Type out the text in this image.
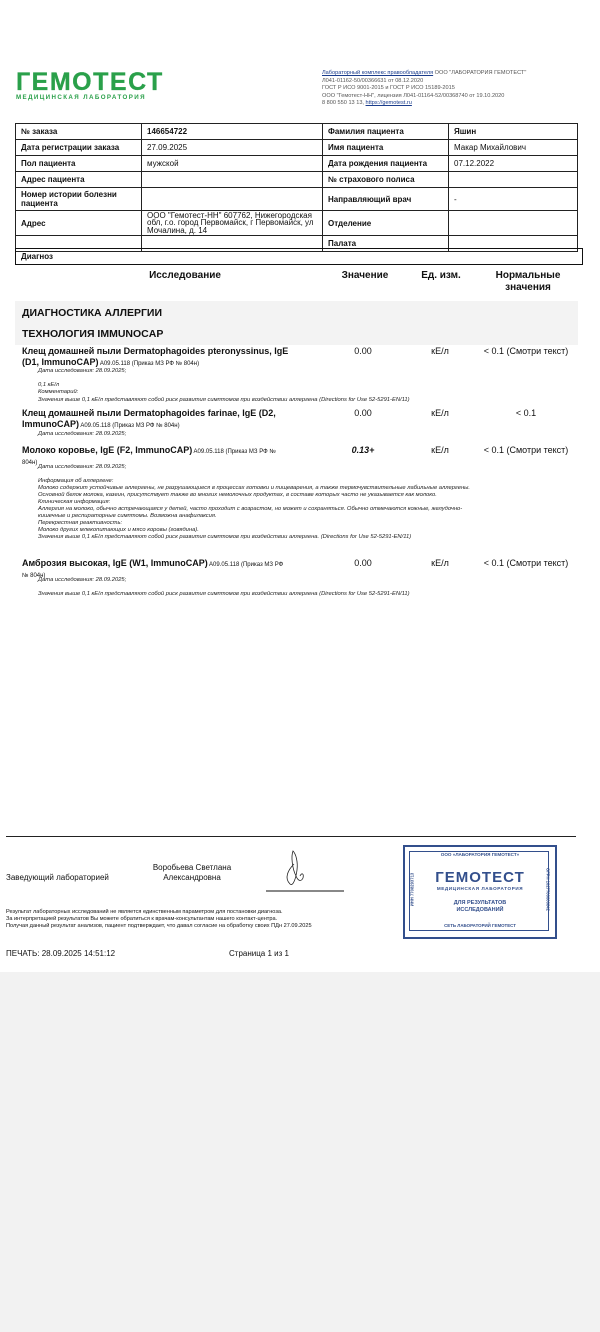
ГЕМОТЕСТ
МЕДИЦИНСКАЯ ЛАБОРАТОРИЯ
Лабораторный комплекс правообладателя ООО "ЛАБОРАТОРИЯ ГЕМОТЕСТ"
Л041-01162-50/00366631 от 08.12.2020
ГОСТ Р ИСО 9001-2015 и ГОСТ Р ИСО 15189-2015
ООО "Гемотест-НН", лицензия Л041-01164-52/00368740 от 19.10.2020
8 800 550 13 13, https://gemotest.ru
№ заказа	146654722	Фамилия пациента	Яшин
Дата регистрации заказа	27.09.2025	Имя пациента	Макар Михайлович
Пол пациента	мужской	Дата рождения пациента	07.12.2022
Адрес пациента		№ страхового полиса	
Номер истории болезни пациента		Направляющий врач	-
Адрес	ООО "Гемотест-НН" 607762, Нижегородская обл, г.о. город Первомайск, г Первомайск, ул Мочалина, д. 14	Отделение	
		Палата	
Диагноз
Исследование	Значение	Ед. изм.	Нормальные
значения
ДИАГНОСТИКА АЛЛЕРГИИ
ТЕХНОЛОГИЯ IMMUNOCAP
Клещ домашней пыли Dermatophagoides pteronyssinus, IgE
(D1, ImmunoCAP) A09.05.118 (Приказ МЗ РФ № 804н)
0.00	кЕ/л	< 0.1 (Смотри текст)
Дата исследования: 28.09.2025;
0,1 кЕ/л
Комментарий:
Значения выше 0,1 кЕ/л представляют собой риск развития симптомов при воздействии аллергена (Directions for Use 52-5291-EN/11)
Клещ домашней пыли Dermatophagoides farinae, IgE (D2,
ImmunoCAP) A09.05.118 (Приказ МЗ РФ № 804н)
0.00	кЕ/л	< 0.1
Дата исследования: 28.09.2025;
Молоко коровье, IgE (F2, ImmunoCAP) A09.05.118 (Приказ МЗ РФ №
804н)
0.13+	кЕ/л	< 0.1 (Смотри текст)
Дата исследования: 28.09.2025;
Информация об аллергене:
Молоко содержит устойчивые аллергены, не разрушающиеся в процессах готовки и пищеварения, а также термочувствительные лабильные аллергены.
Основной белок молока, казеин, присутствует также во многих немолочных продуктах, в составе которых часто не указывается как молоко.
Клиническая информация:
Аллергия на молоко, обычно встречающаяся у детей, часто проходит с возрастом, но может и сохраняться. Обычно отмечаются кожные, желудочно-
кишечные и респираторные симптомы. Возможна анафилаксия.
Перекрестная реактивность:
Молоко других млекопитающих и мясо коровы (говядина).
Значения выше 0,1 кЕ/л представляют собой риск развития симптомов при воздействии аллергена. (Directions for Use 52-5291-EN/11)
Амброзия высокая, IgE (W1, ImmunoCAP) A09.05.118 (Приказ МЗ РФ
№ 804н)
0.00	кЕ/л	< 0.1 (Смотри текст)
Дата исследования: 28.09.2025;
Значения выше 0,1 кЕ/л представляют собой риск развития симптомов при воздействии аллергена (Directions for Use 52-5291-EN/11)
Заведующий лабораторией
Воробьева Светлана
Александровна
Результат лабораторных исследований не является единственным параметром для постановки диагноза.
За интерпретацией результатов Вы можете обратиться к врачам-консультантам нашего контакт-центра.
Получая данный результат анализов, пациент подтверждает, что давал согласие на обработку своих ПДн 27.09.2025
ПЕЧАТЬ: 28.09.2025 14:51:12	Страница 1 из 1
ООО «ЛАБОРАТОРИЯ ГЕМОТЕСТ»
ГЕМОТЕСТ
МЕДИЦИНСКАЯ ЛАБОРАТОРИЯ
ДЛЯ РЕЗУЛЬТАТОВ
ИССЛЕДОВАНИЙ
СЕТЬ ЛАБОРАТОРИЙ ГЕМОТЕСТ
ИНН 7708293713	ОГРН 1027700000842
